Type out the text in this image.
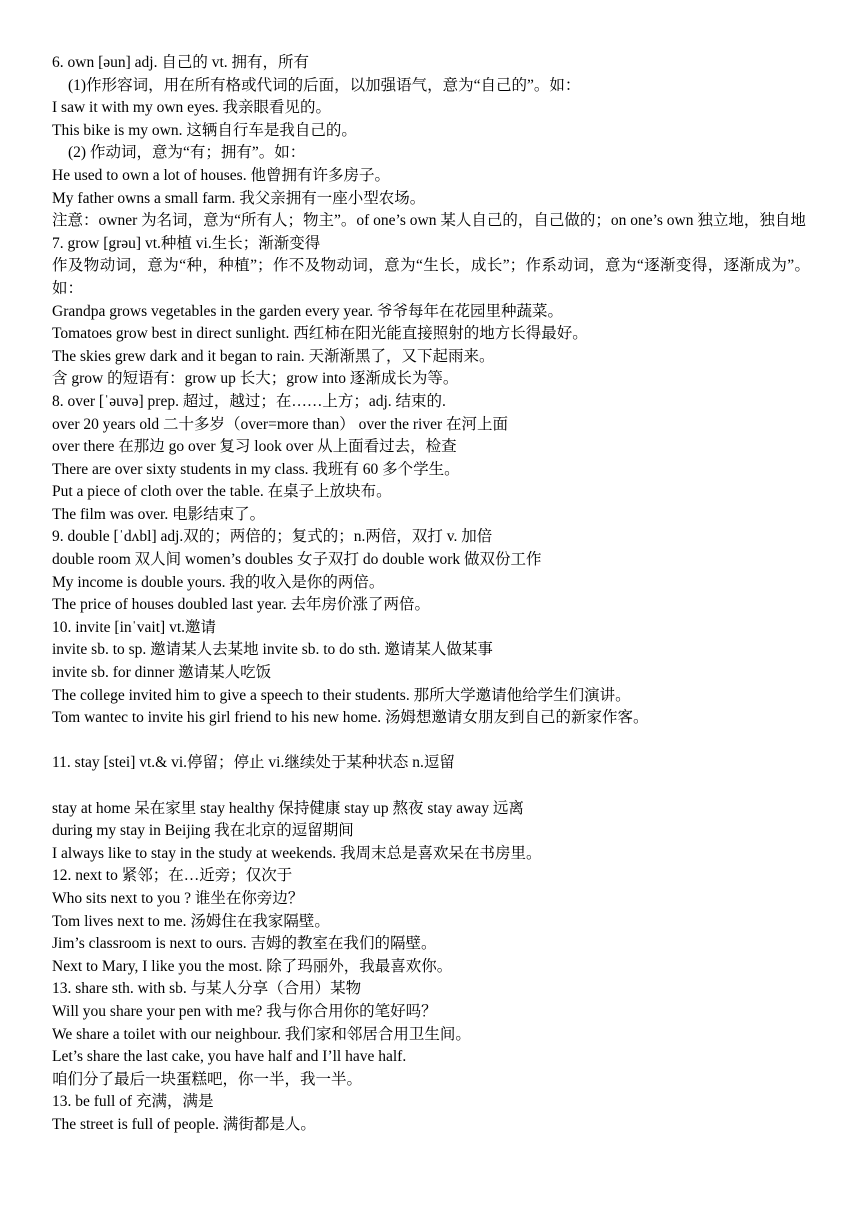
6. own [əun] adj. 自己的 vt. 拥有，所有
(1)作形容词，用在所有格或代词的后面，以加强语气，意为“自己的”。如：
I saw it with my own eyes. 我亲眼看见的。
This bike is my own. 这辆自行车是我自己的。
(2) 作动词，意为“有；拥有”。如：
He used to own a lot of houses. 他曾拥有许多房子。
My father owns a small farm. 我父亲拥有一座小型农场。
注意：owner 为名词，意为“所有人；物主”。of one’s own 某人自己的，自己做的；on one’s own 独立地，独自地
7. grow [grəu] vt.种植 vi.生长；渐渐变得
作及物动词，意为“种，种植”；作不及物动词，意为“生长，成长”；作系动词，意为“逐渐变得，逐渐成为”。如：
Grandpa grows vegetables in the garden every year. 爷爷每年在花园里种蔬菜。
Tomatoes grow best in direct sunlight. 西红柿在阳光能直接照射的地方长得最好。
The skies grew dark and it began to rain. 天渐渐黑了，又下起雨来。
含 grow 的短语有：grow up 长大；grow into 逐渐成长为等。
8. over [ˈəuvə] prep. 超过，越过；在……上方；adj. 结束的.
over 20 years old 二十多岁（over=more than） over the river 在河上面
over there 在那边 go over 复习 look over 从上面看过去，检查
There are over sixty students in my class. 我班有 60 多个学生。
Put a piece of cloth over the table. 在桌子上放块布。
The film was over. 电影结束了。
9. double [ˈdʌbl] adj.双的；两倍的；复式的；n.两倍，双打 v. 加倍
double room 双人间 women’s doubles 女子双打 do double work 做双份工作
My income is double yours. 我的收入是你的两倍。
The price of houses doubled last year. 去年房价涨了两倍。
10. invite [inˈvait] vt.邀请
invite sb. to sp. 邀请某人去某地 invite sb. to do sth. 邀请某人做某事
invite sb. for dinner 邀请某人吃饭
The college invited him to give a speech to their students. 那所大学邀请他给学生们演讲。
Tom wantec to invite his girl friend to his new home. 汤姆想邀请女朋友到自己的新家作客。
11. stay [stei] vt.& vi.停留；停止 vi.继续处于某种状态 n.逗留
stay at home 呆在家里 stay healthy 保持健康 stay up 熬夜 stay away 远离
during my stay in Beijing 我在北京的逗留期间
I always like to stay in the study at weekends. 我周末总是喜欢呆在书房里。
12. next to 紧邻；在…近旁；仅次于
Who sits next to you ? 谁坐在你旁边？
Tom lives next to me. 汤姆住在我家隔壁。
Jim’s classroom is next to ours. 吉姆的教室在我们的隔壁。
Next to Mary, I like you the most. 除了玛丽外，我最喜欢你。
13. share sth. with sb. 与某人分享（合用）某物
Will you share your pen with me? 我与你合用你的笔好吗？
We share a toilet with our neighbour. 我们家和邻居合用卫生间。
Let’s share the last cake, you have half and I’ll have half.
咱们分了最后一块蛋糕吧，你一半，我一半。
13. be full of 充满，满是
The street is full of people. 满街都是人。
